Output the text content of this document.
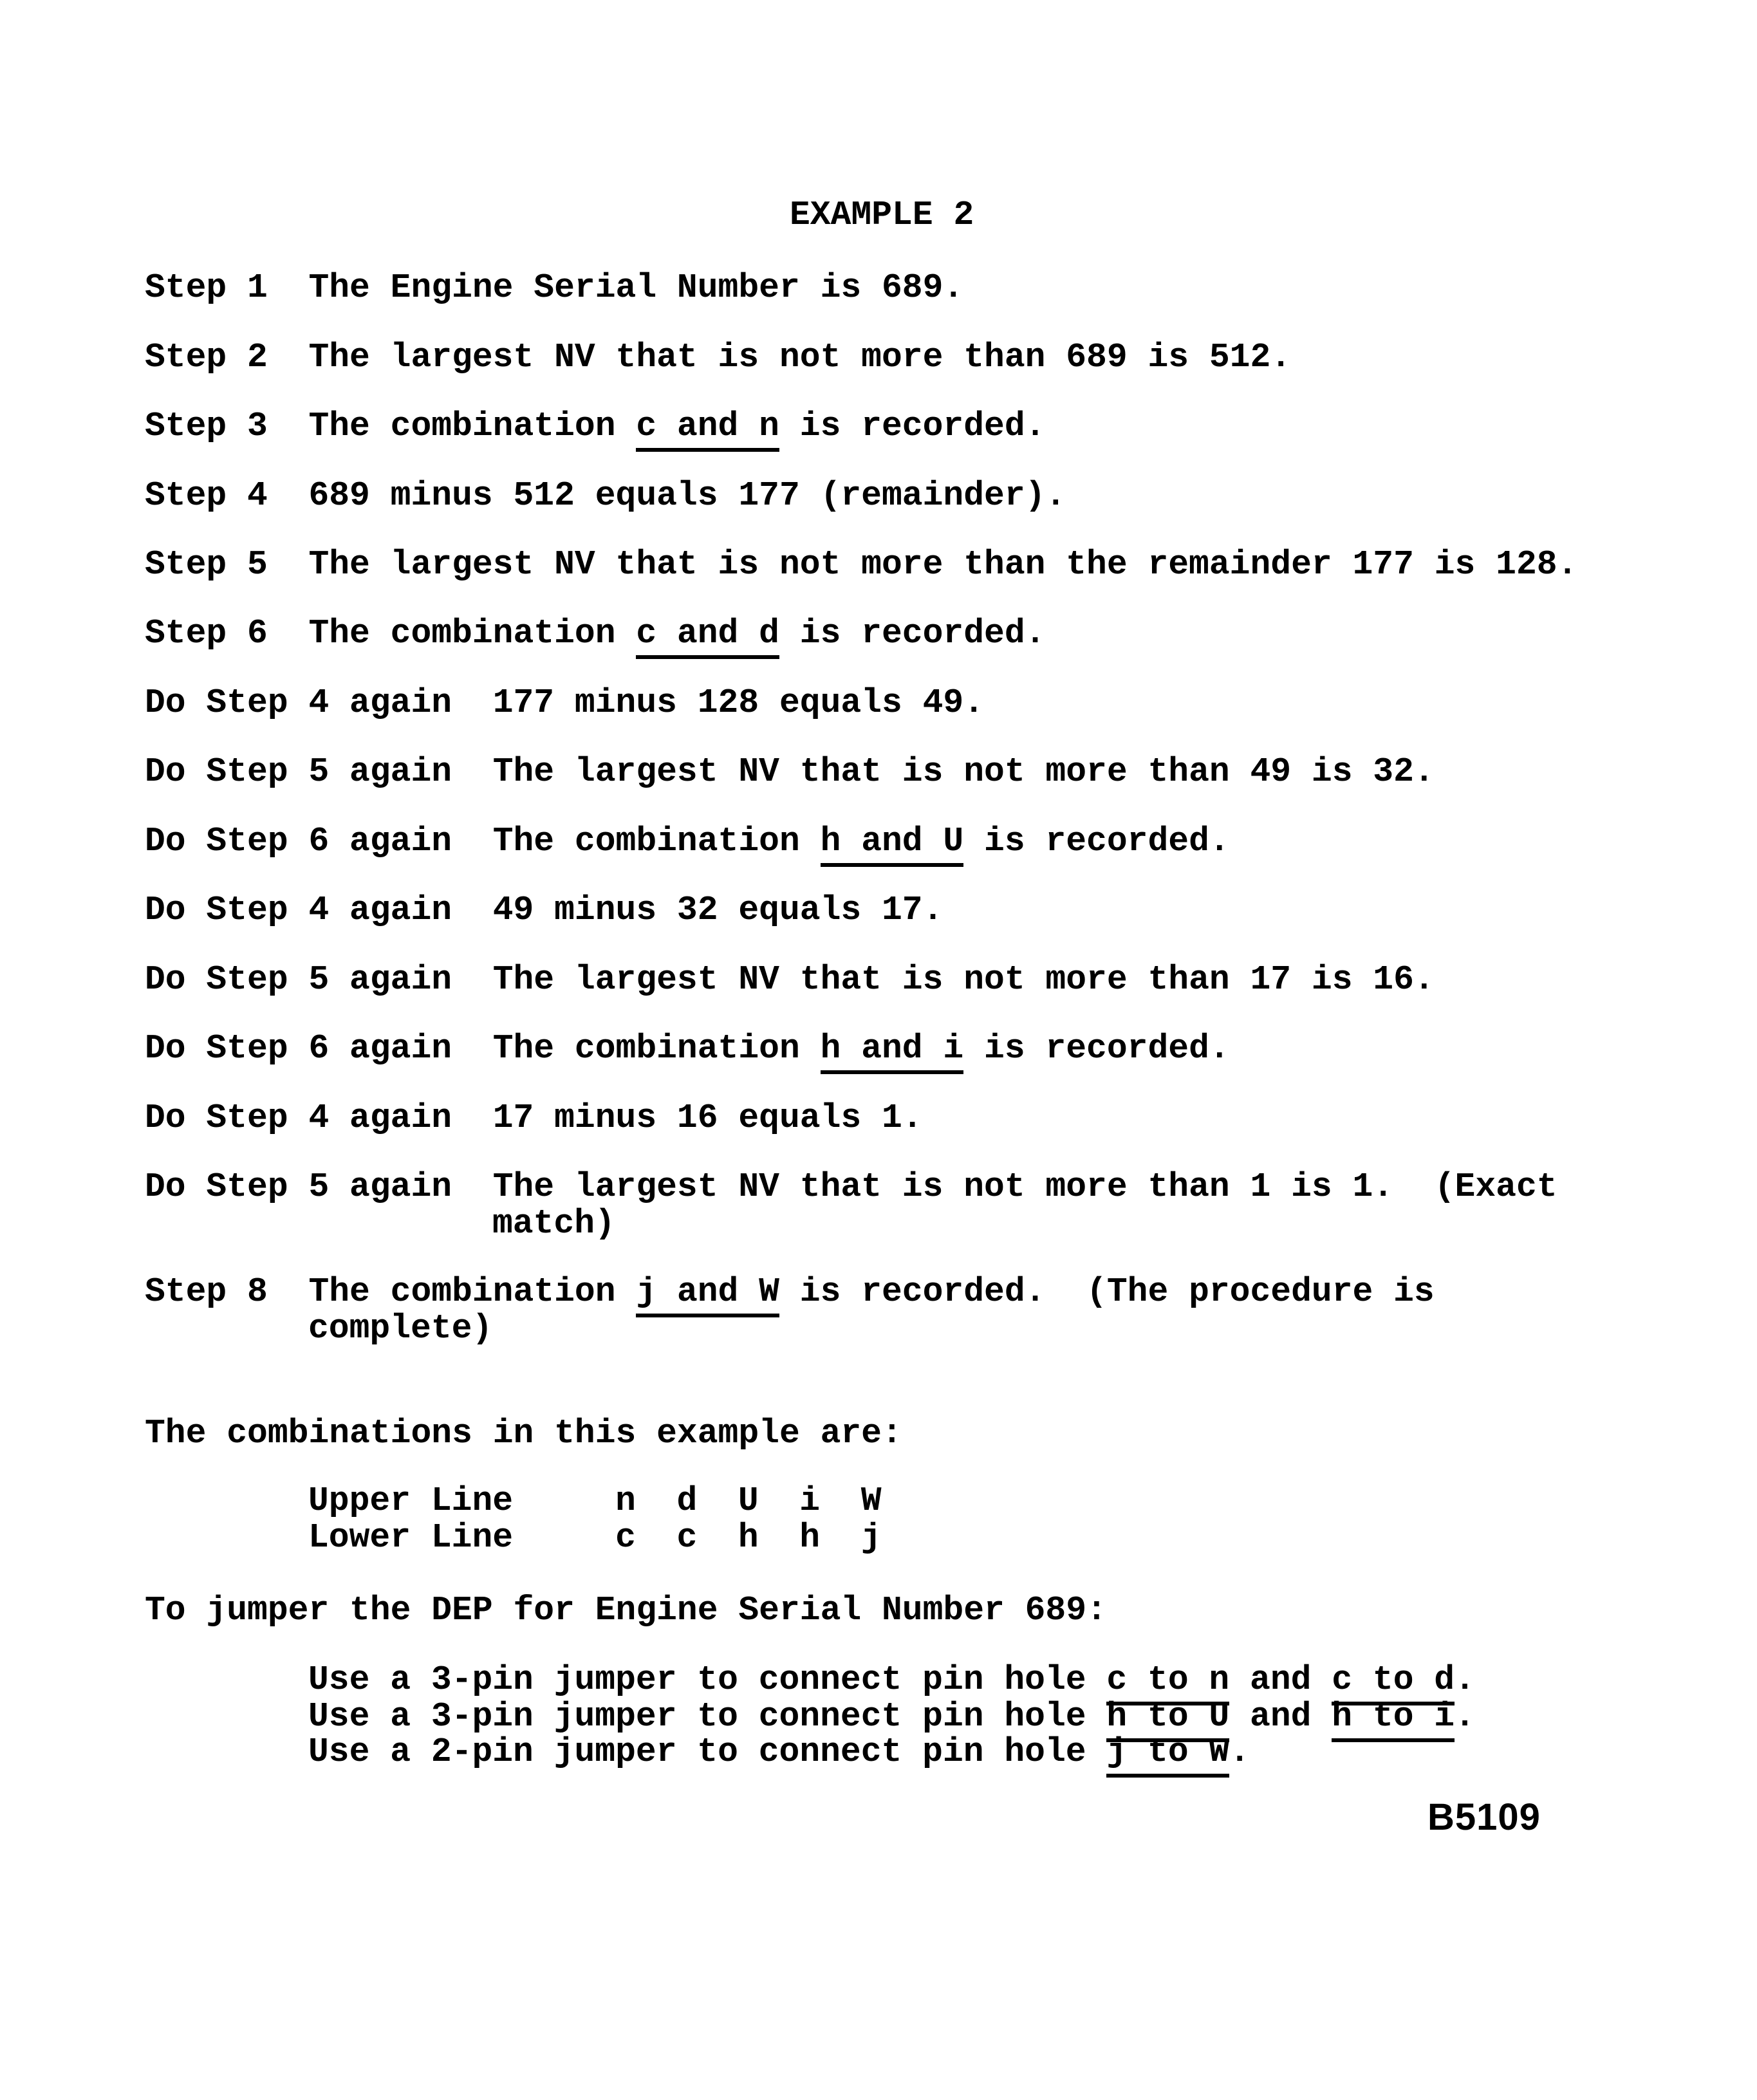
EXAMPLE 2
Step 1 The Engine Serial Number is 689.
Step 2 The largest NV that is not more than 689 is 512.
Step 3 The combination c and n is recorded.
Step 4 689 minus 512 equals 177 (remainder).
Step 5 The largest NV that is not more than the remainder 177 is 128.
Step 6 The combination c and d is recorded.
Do Step 4 again 177 minus 128 equals 49.
Do Step 5 again The largest NV that is not more than 49 is 32.
Do Step 6 again The combination h and U is recorded.
Do Step 4 again 49 minus 32 equals 17.
Do Step 5 again The largest NV that is not more than 17 is 16.
Do Step 6 again The combination h and i is recorded.
Do Step 4 again 17 minus 16 equals 1.
Do Step 5 again The largest NV that is not more than 1 is 1.  (Exact
match)
Step 8 The combination j and W is recorded.  (The procedure is
complete)
The combinations in this example are:
Upper Line	n  d  U  i  W
Lower Line	c  c  h  h  j
To jumper the DEP for Engine Serial Number 689:
Use a 3-pin jumper to connect pin hole c to n and c to d.
Use a 3-pin jumper to connect pin hole h to U and h to i.
Use a 2-pin jumper to connect pin hole j to W.
B5109
